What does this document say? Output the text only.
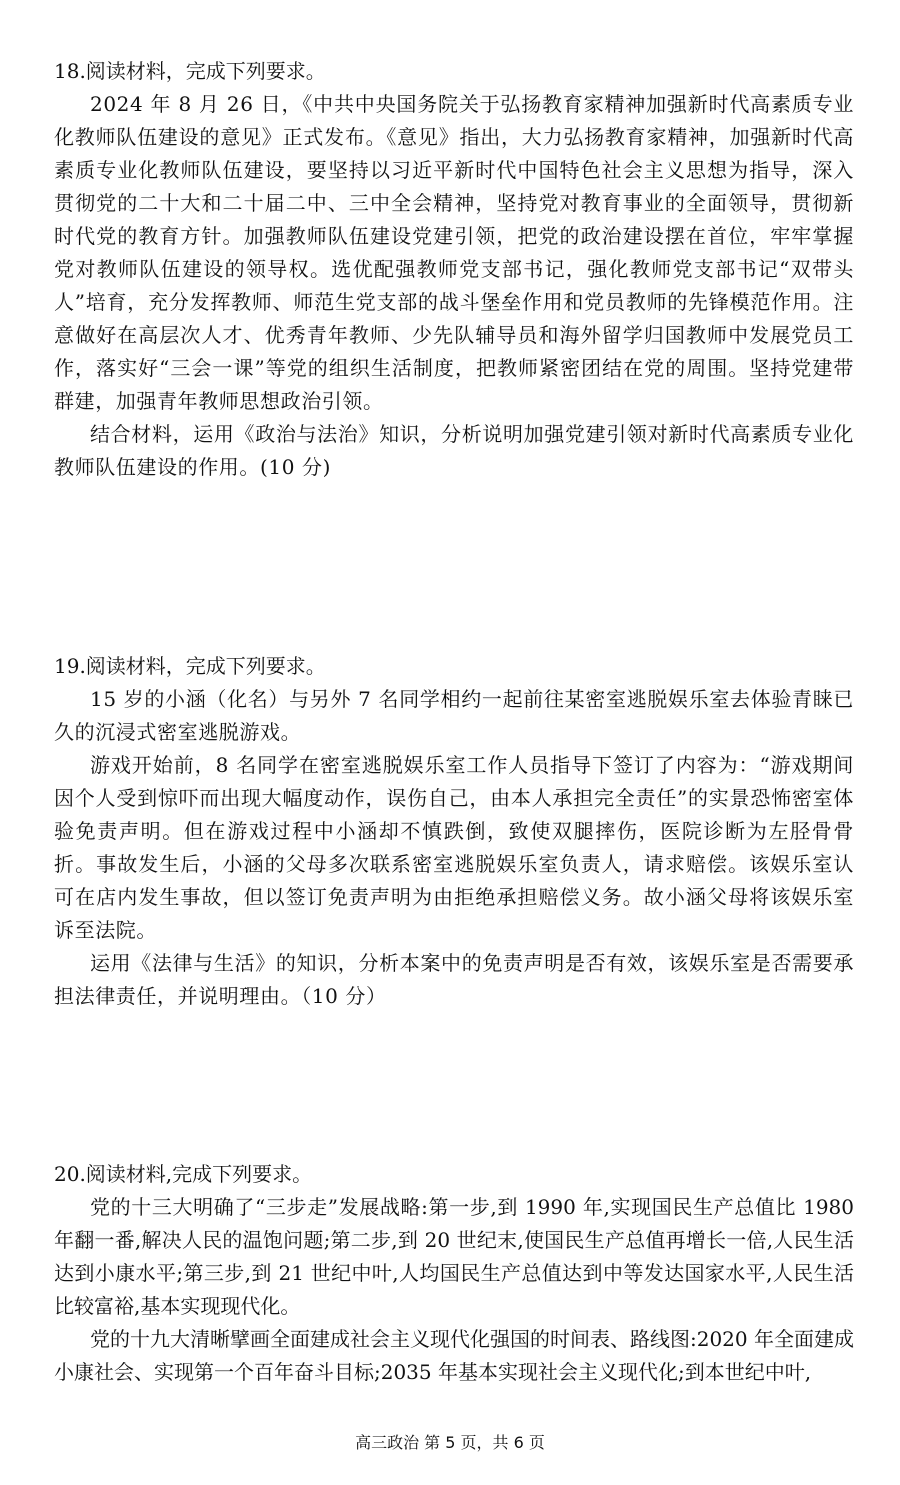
18.阅读材料，完成下列要求。

2024 年 8 月 26 日，《中共中央国务院关于弘扬教育家精神加强新时代高素质专业化教师队伍建设的意见》正式发布。《意见》指出，大力弘扬教育家精神，加强新时代高素质专业化教师队伍建设，要坚持以习近平新时代中国特色社会主义思想为指导，深入贯彻党的二十大和二十届二中、三中全会精神，坚持党对教育事业的全面领导，贯彻新时代党的教育方针。加强教师队伍建设党建引领，把党的政治建设摆在首位，牢牢掌握党对教师队伍建设的领导权。选优配强教师党支部书记，强化教师党支部书记“双带头人”培育，充分发挥教师、师范生党支部的战斗堡垒作用和党员教师的先锋模范作用。注意做好在高层次人才、优秀青年教师、少先队辅导员和海外留学归国教师中发展党员工作，落实好“三会一课”等党的组织生活制度，把教师紧密团结在党的周围。坚持党建带群建，加强青年教师思想政治引领。

结合材料，运用《政治与法治》知识，分析说明加强党建引领对新时代高素质专业化教师队伍建设的作用。(10 分)

19.阅读材料，完成下列要求。

15 岁的小涵（化名）与另外 7 名同学相约一起前往某密室逃脱娱乐室去体验青睐已久的沉浸式密室逃脱游戏。

游戏开始前，8 名同学在密室逃脱娱乐室工作人员指导下签订了内容为：“游戏期间因个人受到惊吓而出现大幅度动作，误伤自己，由本人承担完全责任”的实景恐怖密室体验免责声明。但在游戏过程中小涵却不慎跌倒，致使双腿摔伤，医院诊断为左胫骨骨折。事故发生后，小涵的父母多次联系密室逃脱娱乐室负责人，请求赔偿。该娱乐室认可在店内发生事故，但以签订免责声明为由拒绝承担赔偿义务。故小涵父母将该娱乐室诉至法院。

运用《法律与生活》的知识，分析本案中的免责声明是否有效，该娱乐室是否需要承担法律责任，并说明理由。（10 分）

20.阅读材料,完成下列要求。

党的十三大明确了“三步走”发展战略:第一步,到 1990 年,实现国民生产总值比 1980 年翻一番,解决人民的温饱问题;第二步,到 20 世纪末,使国民生产总值再增长一倍,人民生活达到小康水平;第三步,到 21 世纪中叶,人均国民生产总值达到中等发达国家水平,人民生活比较富裕,基本实现现代化。

党的十九大清晰擘画全面建成社会主义现代化强国的时间表、路线图:2020 年全面建成小康社会、实现第一个百年奋斗目标;2035 年基本实现社会主义现代化;到本世纪中叶,

高三政治 第 5 页，共 6 页
